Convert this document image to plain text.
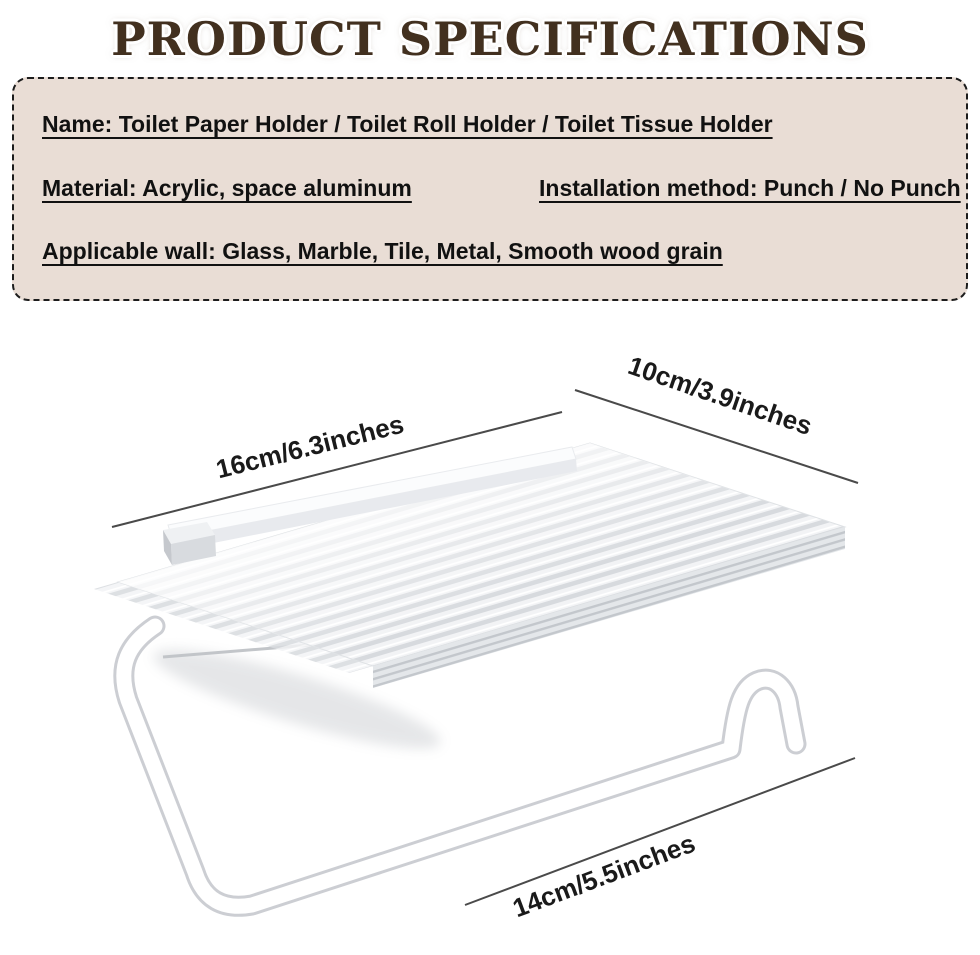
PRODUCT SPECIFICATIONS
Name: Toilet Paper Holder / Toilet Roll Holder / Toilet Tissue Holder
Material: Acrylic, space aluminum	Installation method: Punch / No Punch
Applicable wall: Glass, Marble, Tile, Metal, Smooth wood grain
16cm/6.3inches
10cm/3.9inches
14cm/5.5inches
